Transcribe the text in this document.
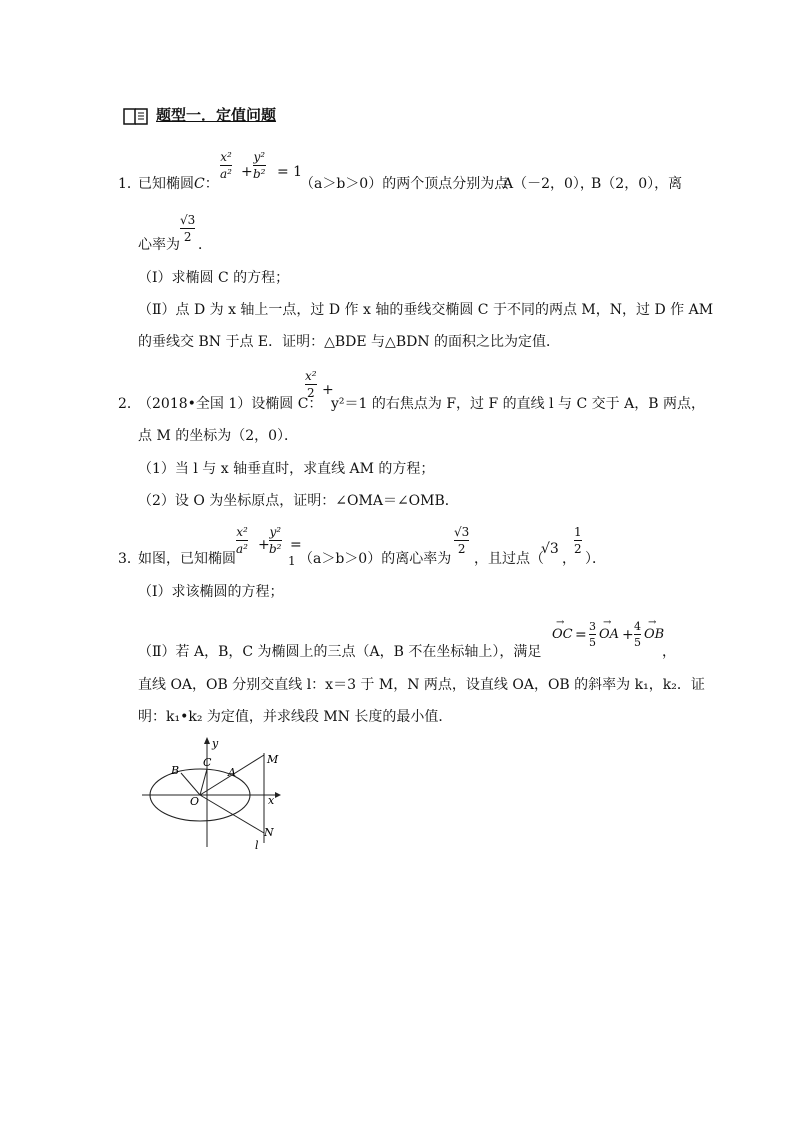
题型一．定值问题
1．
已知椭圆C：
x²
a² +
y²
b² = 1
（a＞b＞0）的两个顶点分别为点
A（－2，0），
B（2，0），离
√3
2
心率为 ．
（Ⅰ）求椭圆 C 的方程；
（Ⅱ）点 D 为 x 轴上一点，过 D 作 x 轴的垂线交椭圆 C 于不同的两点 M，N，过 D 作 AM
的垂线交 BN 于点 E．证明：△BDE 与△BDN 的面积之比为定值．
2．
（2018•全国 1）设椭圆 C：
x²
2 +
y²＝1 的右焦点为 F，过 F 的直线 l 与 C 交于 A，B 两点，
点 M 的坐标为（2，0）．
（1）当 l 与 x 轴垂直时，求直线 AM 的方程；
（2）设 O 为坐标原点，证明：∠OMA＝∠OMB．
3．
如图，已知椭圆
x²
a² +
y²
b² =
1 （a＞b＞0）的离心率为
√3
2
，且过点（
√3
，
1
2
）．
（Ⅰ）求该椭圆的方程；
（Ⅱ）若 A，B，C 为椭圆上的三点（A，B 不在坐标轴上），满足
→
OC =
3
5
→
OA +
4
5
→
OB
，
直线 OA，OB 分别交直线 l：x＝3 于 M，N 两点，设直线 OA，OB 的斜率为 k₁，k₂．证
明：k₁•k₂ 为定值，并求线段 MN 长度的最小值．
y
x
O
A
B
C	M
N
l
